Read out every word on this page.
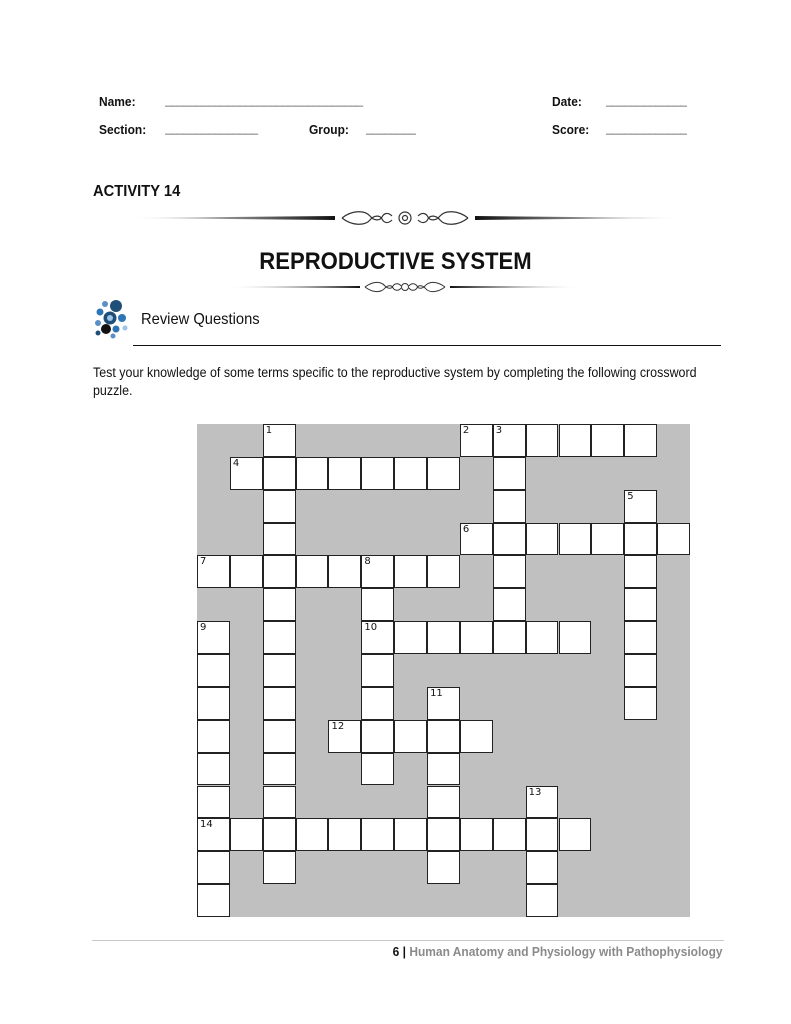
Name: ________________________________	Date: _____________
Section: _______________	Group: ________	Score: _____________
ACTIVITY 14
REPRODUCTIVE SYSTEM
Review Questions
Test your knowledge of some terms specific to the reproductive system by completing the following crossword puzzle.
1	2	3
4
5
6
7	8
10
9
14
11
12
13
6 | Human Anatomy and Physiology with Pathophysiology
